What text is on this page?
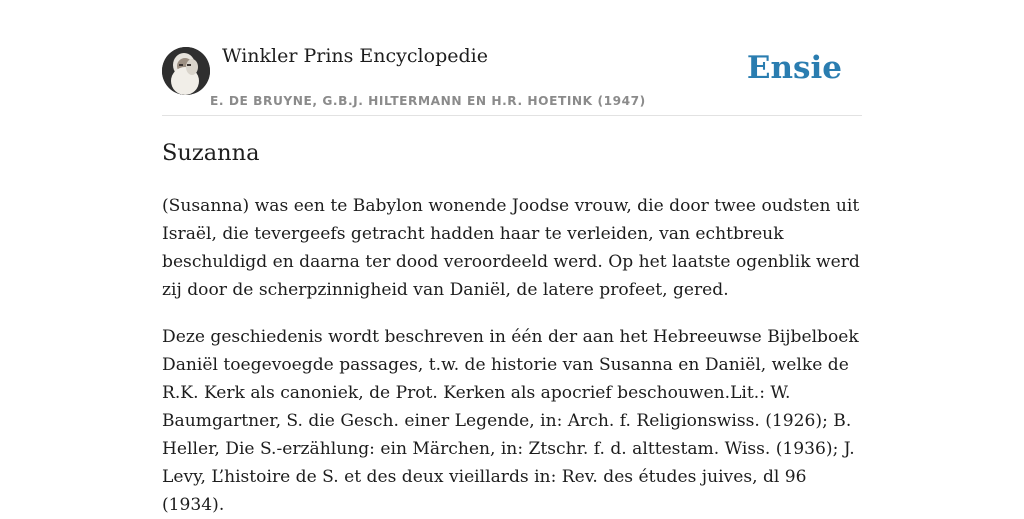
Winkler Prins Encyclopedie
E. DE BRUYNE, G.B.J. HILTERMANN EN H.R. HOETINK (1947)
Ensie
Suzanna

(Susanna) was een te Babylon wonende Joodse vrouw, die door twee oudsten uit Israël, die tevergeefs getracht hadden haar te verleiden, van echtbreuk beschuldigd en daarna ter dood veroordeeld werd. Op het laatste ogenblik werd zij door de scherpzinnigheid van Daniël, de latere profeet, gered.

Deze geschiedenis wordt beschreven in één der aan het Hebreeuwse Bijbelboek Daniël toegevoegde passages, t.w. de historie van Susanna en Daniël, welke de R.K. Kerk als canoniek, de Prot. Kerken als apocrief beschouwen.Lit.: W. Baumgartner, S. die Gesch. einer Legende, in: Arch. f. Religionswiss. (1926); B. Heller, Die S.-erzählung: ein Märchen, in: Ztschr. f. d. alttestam. Wiss. (1936); J. Levy, L’histoire de S. et des deux vieillards in: Rev. des études juives, dl 96 (1934).
